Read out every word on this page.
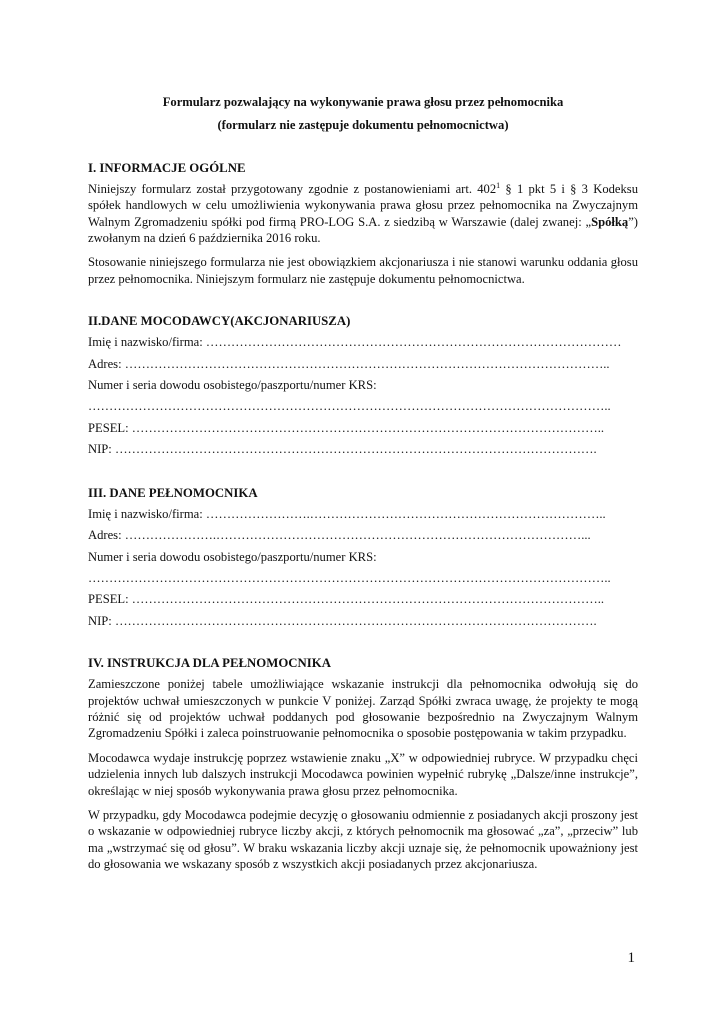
Formularz pozwalający na wykonywanie prawa głosu przez pełnomocnika

(formularz nie zastępuje dokumentu pełnomocnictwa)

I. INFORMACJE OGÓLNE

Niniejszy formularz został przygotowany zgodnie z postanowieniami art. $402^1$ § 1 pkt 5 i § 3 Kodeksu spółek handlowych w celu umożliwienia wykonywania prawa głosu przez pełnomocnika na Zwyczajnym Walnym Zgromadzeniu spółki pod firmą PRO-LOG S.A. z siedzibą w Warszawie (dalej zwanej: „Spółką”) zwołanym na dzień 6 października 2016 roku.

Stosowanie niniejszego formularza nie jest obowiązkiem akcjonariusza i nie stanowi warunku oddania głosu przez pełnomocnika. Niniejszym formularz nie zastępuje dokumentu pełnomocnictwa.

II.DANE MOCODAWCY(AKCJONARIUSZA)

Imię i nazwisko/firma: ………………………………………………………………………………………

Adres: ……………………………………………………………………………………………………..

Numer i seria dowodu osobistego/paszportu/numer KRS:

……………………………………………………………………………………………………………..

PESEL: …………………………………………………………………………………………………..

NIP: …………………………………………………………………………………………………….

III. DANE PEŁNOMOCNIKA

Imię i nazwisko/firma: …………………….……………………………………………………………..

Adres: ………………….……………………………………………………………………………...

Numer i seria dowodu osobistego/paszportu/numer KRS:

……………………………………………………………………………………………………………..

PESEL: …………………………………………………………………………………………………..

NIP: …………………………………………………………………………………………………….

IV. INSTRUKCJA DLA PEŁNOMOCNIKA

Zamieszczone poniżej tabele umożliwiające wskazanie instrukcji dla pełnomocnika odwołują się do projektów uchwał umieszczonych w punkcie V poniżej. Zarząd Spółki zwraca uwagę, że projekty te mogą różnić się od projektów uchwał poddanych pod głosowanie bezpośrednio na Zwyczajnym Walnym Zgromadzeniu Spółki i zaleca poinstruowanie pełnomocnika o sposobie postępowania w takim przypadku.

Mocodawca wydaje instrukcję poprzez wstawienie znaku „X” w odpowiedniej rubryce. W przypadku chęci udzielenia innych lub dalszych instrukcji Mocodawca powinien wypełnić rubrykę „Dalsze/inne instrukcje”, określając w niej sposób wykonywania prawa głosu przez pełnomocnika.

W przypadku, gdy Mocodawca podejmie decyzję o głosowaniu odmiennie z posiadanych akcji proszony jest o wskazanie w odpowiedniej rubryce liczby akcji, z których pełnomocnik ma głosować „za”, „przeciw” lub ma „wstrzymać się od głosu”. W braku wskazania liczby akcji uznaje się, że pełnomocnik upoważniony jest do głosowania we wskazany sposób z wszystkich akcji posiadanych przez akcjonariusza.

1
